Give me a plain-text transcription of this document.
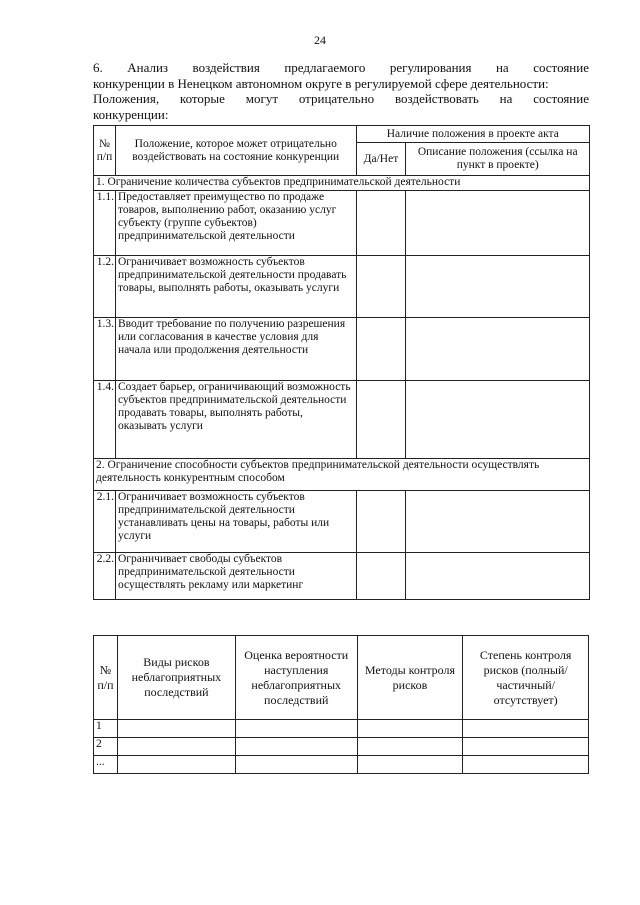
24
6. Анализ воздействия предлагаемого регулирования на состояние
конкуренции в Ненецком автономном округе в регулируемой сфере деятельности:
Положения, которые могут отрицательно воздействовать на состояние
конкуренции:
№ п/п	Положение, которое может отрицательно воздействовать на состояние конкуренции	Наличие положения в проекте акта	
		Да/Нет	Описание положения (ссылка на пункт в проекте)
1. Ограничение количества субъектов предпринимательской деятельности			
1.1.	Предоставляет преимущество по продаже товаров, выполнению работ, оказанию услуг субъекту (группе субъектов) предпринимательской деятельности		
1.2.	Ограничивает возможность субъектов предпринимательской деятельности продавать товары, выполнять работы, оказывать услуги		
1.3.	Вводит требование по получению разрешения или согласования в качестве условия для начала или продолжения деятельности		
1.4.	Создает барьер, ограничивающий возможность субъектов предпринимательской деятельности продавать товары, выполнять работы, оказывать услуги		
2. Ограничение способности субъектов предпринимательской деятельности осуществлять деятельность конкурентным способом			
2.1.	Ограничивает возможность субъектов предпринимательской деятельности устанавливать цены на товары, работы или услуги		
2.2.	Ограничивает свободы субъектов предпринимательской деятельности осуществлять рекламу или маркетинг		
№ п/п	Виды рисков неблагоприятных последствий	Оценка вероятности наступления неблагоприятных последствий	Методы контроля рисков	Степень контроля рисков (полный/частичный/ отсутствует)
1				
2				
...				
